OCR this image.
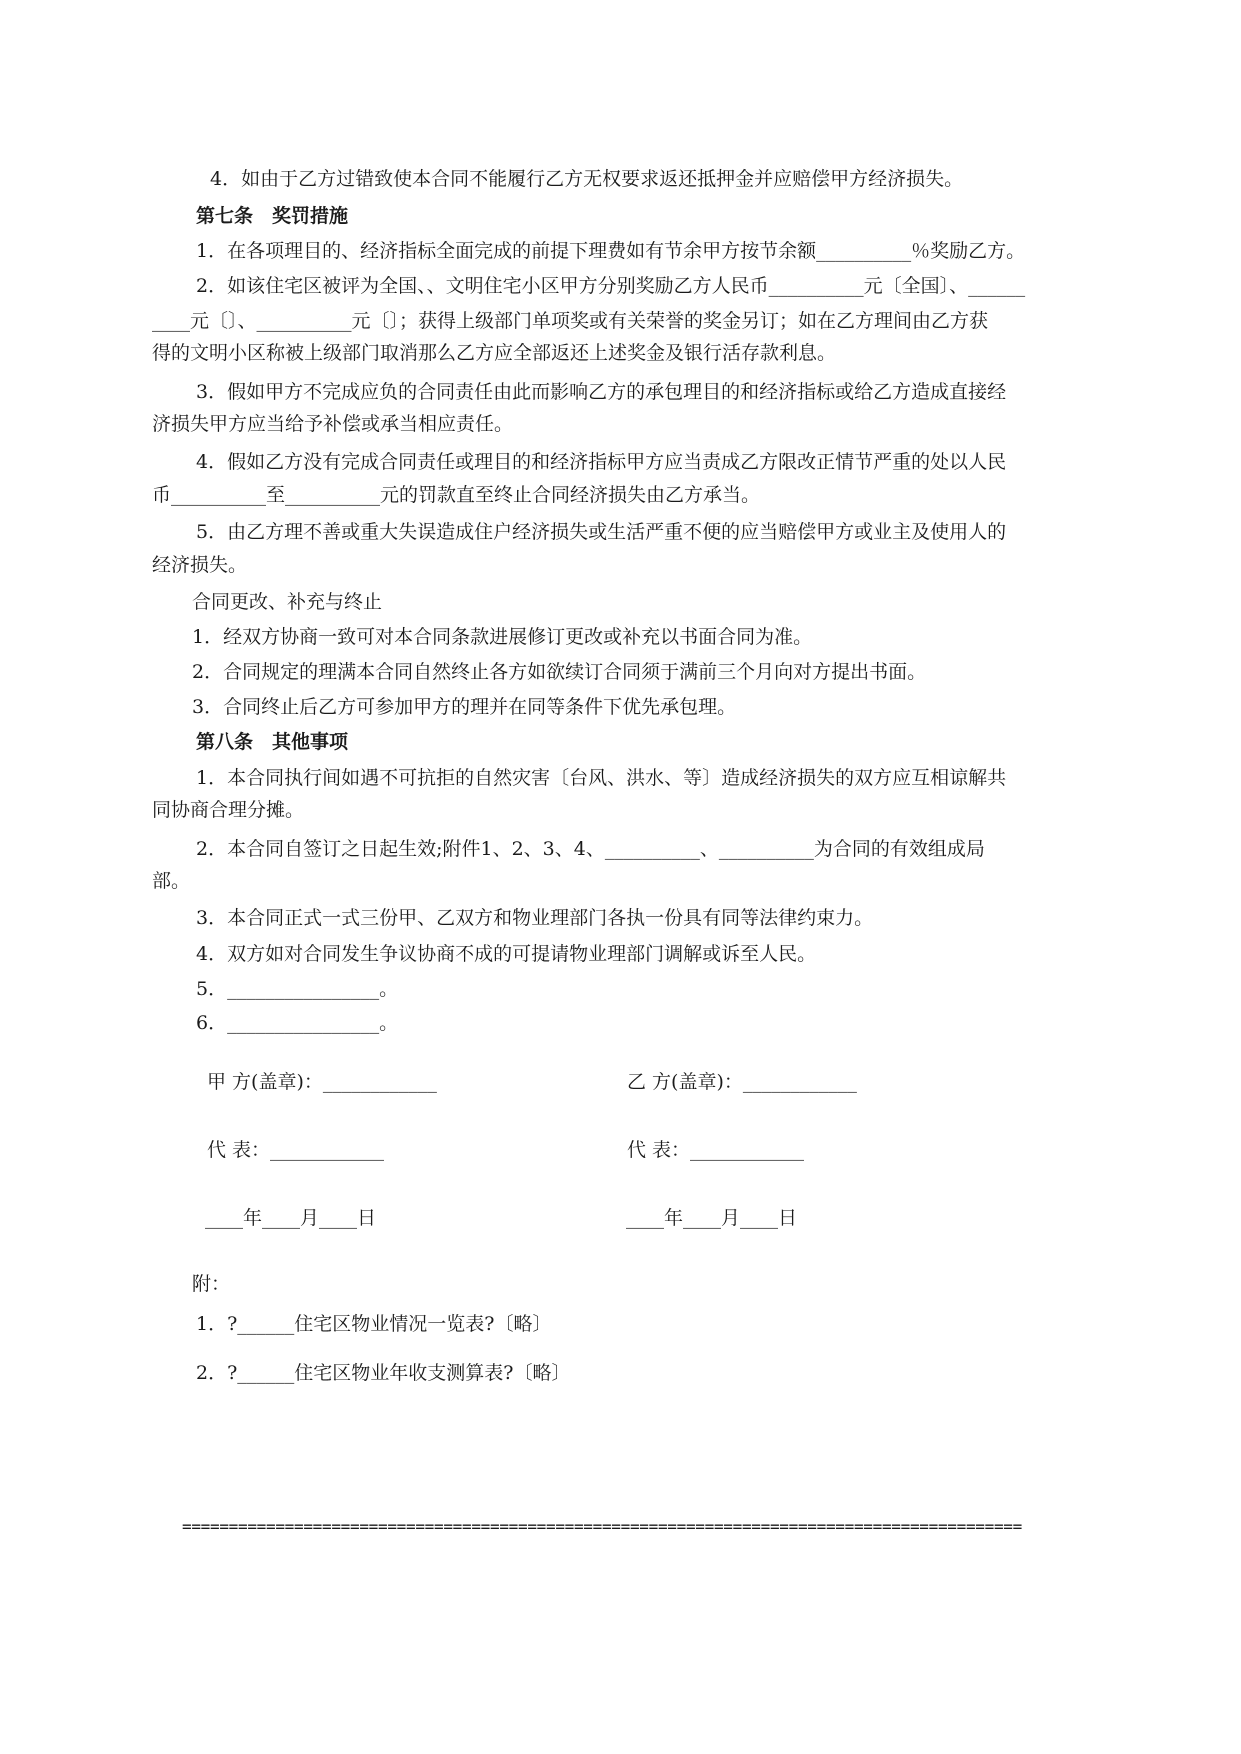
4．如由于乙方过错致使本合同不能履行乙方无权要求返还抵押金并应赔偿甲方经济损失。
第七条　奖罚措施
1．在各项理目的、经济指标全面完成的前提下理费如有节余甲方按节余额__________％奖励乙方。
2．如该住宅区被评为全国、、文明住宅小区甲方分别奖励乙方人民币__________元〔全国〕、______
____元〔〕、__________元〔〕；获得上级部门单项奖或有关荣誉的奖金另订；如在乙方理间由乙方获
得的文明小区称被上级部门取消那么乙方应全部返还上述奖金及银行活存款利息。
3．假如甲方不完成应负的合同责任由此而影响乙方的承包理目的和经济指标或给乙方造成直接经
济损失甲方应当给予补偿或承当相应责任。
4．假如乙方没有完成合同责任或理目的和经济指标甲方应当责成乙方限改正情节严重的处以人民
币__________至__________元的罚款直至终止合同经济损失由乙方承当。
5．由乙方理不善或重大失误造成住户经济损失或生活严重不便的应当赔偿甲方或业主及使用人的
经济损失。
合同更改、补充与终止
1．经双方协商一致可对本合同条款进展修订更改或补充以书面合同为准。
2．合同规定的理满本合同自然终止各方如欲续订合同须于满前三个月向对方提出书面。
3．合同终止后乙方可参加甲方的理并在同等条件下优先承包理。
第八条　其他事项
1．本合同执行间如遇不可抗拒的自然灾害〔台风、洪水、等〕造成经济损失的双方应互相谅解共
同协商合理分摊。
2．本合同自签订之日起生效;附件1、2、3、4、__________、__________为合同的有效组成局
部。
3．本合同正式一式三份甲、乙双方和物业理部门各执一份具有同等法律约束力。
4．双方如对合同发生争议协商不成的可提请物业理部门调解或诉至人民。
5．________________。
6．________________。
甲 方(盖章)：____________	乙 方(盖章)：____________
代 表：____________	代 表：____________
____年____月____日	____年____月____日
附：
1．?______住宅区物业情况一览表?〔略〕
2．?______住宅区物业年收支测算表?〔略〕
==========================================================================================
